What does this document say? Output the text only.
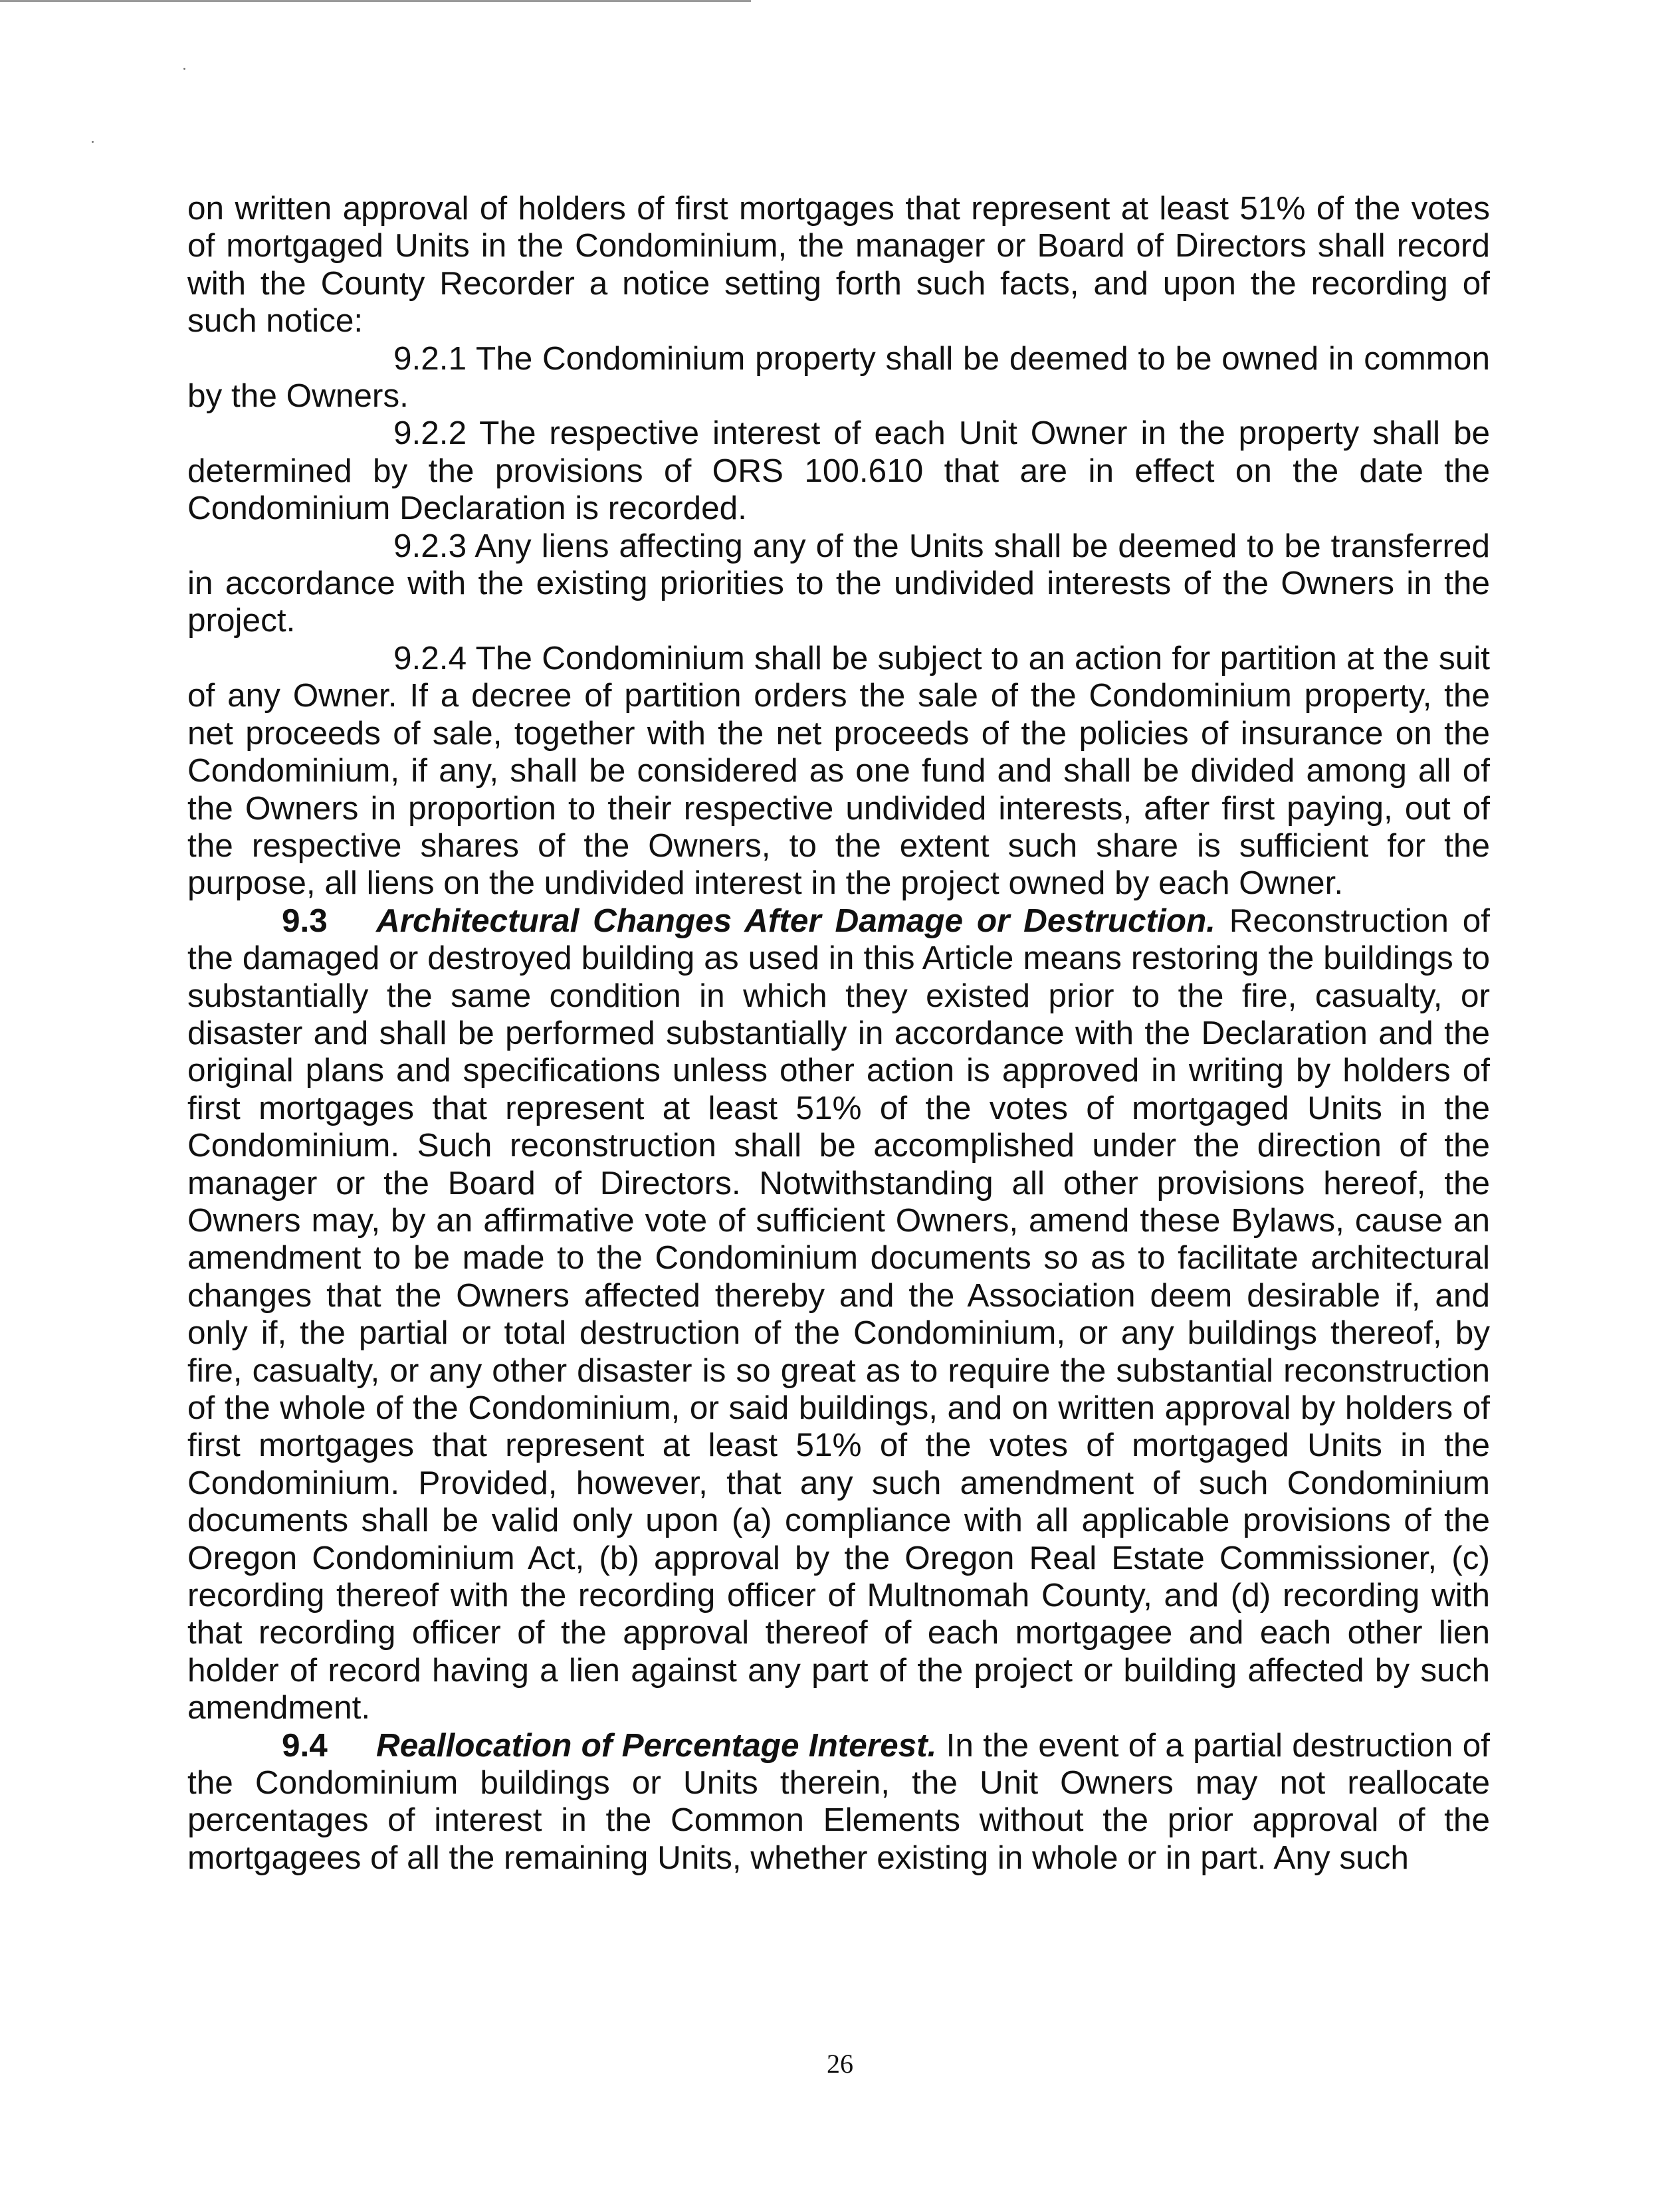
on written approval of holders of first mortgages that represent at least 51% of the votes of mortgaged Units in the Condominium, the manager or Board of Directors shall record with the County Recorder a notice setting forth such facts, and upon the recording of such notice:

9.2.1 The Condominium property shall be deemed to be owned in common by the Owners.

9.2.2 The respective interest of each Unit Owner in the property shall be determined by the provisions of ORS 100.610 that are in effect on the date the Condominium Declaration is recorded.

9.2.3 Any liens affecting any of the Units shall be deemed to be transferred in accordance with the existing priorities to the undivided interests of the Owners in the project.

9.2.4 The Condominium shall be subject to an action for partition at the suit of any Owner. If a decree of partition orders the sale of the Condominium property, the net proceeds of sale, together with the net proceeds of the policies of insurance on the Condominium, if any, shall be considered as one fund and shall be divided among all of the Owners in proportion to their respective undivided interests, after first paying, out of the respective shares of the Owners, to the extent such share is sufficient for the purpose, all liens on the undivided interest in the project owned by each Owner.

9.3 Architectural Changes After Damage or Destruction. Reconstruction of the damaged or destroyed building as used in this Article means restoring the buildings to substantially the same condition in which they existed prior to the fire, casualty, or disaster and shall be performed substantially in accordance with the Declaration and the original plans and specifications unless other action is approved in writing by holders of first mortgages that represent at least 51% of the votes of mortgaged Units in the Condominium. Such reconstruction shall be accomplished under the direction of the manager or the Board of Directors. Notwithstanding all other provisions hereof, the Owners may, by an affirmative vote of sufficient Owners, amend these Bylaws, cause an amendment to be made to the Condominium documents so as to facilitate architectural changes that the Owners affected thereby and the Association deem desirable if, and only if, the partial or total destruction of the Condominium, or any buildings thereof, by fire, casualty, or any other disaster is so great as to require the substantial reconstruction of the whole of the Condominium, or said buildings, and on written approval by holders of first mortgages that represent at least 51% of the votes of mortgaged Units in the Condominium. Provided, however, that any such amendment of such Condominium documents shall be valid only upon (a) compliance with all applicable provisions of the Oregon Condominium Act, (b) approval by the Oregon Real Estate Commissioner, (c) recording thereof with the recording officer of Multnomah County, and (d) recording with that recording officer of the approval thereof of each mortgagee and each other lien holder of record having a lien against any part of the project or building affected by such amendment.

9.4 Reallocation of Percentage Interest. In the event of a partial destruction of the Condominium buildings or Units therein, the Unit Owners may not reallocate percentages of interest in the Common Elements without the prior approval of the mortgagees of all the remaining Units, whether existing in whole or in part. Any such

26
